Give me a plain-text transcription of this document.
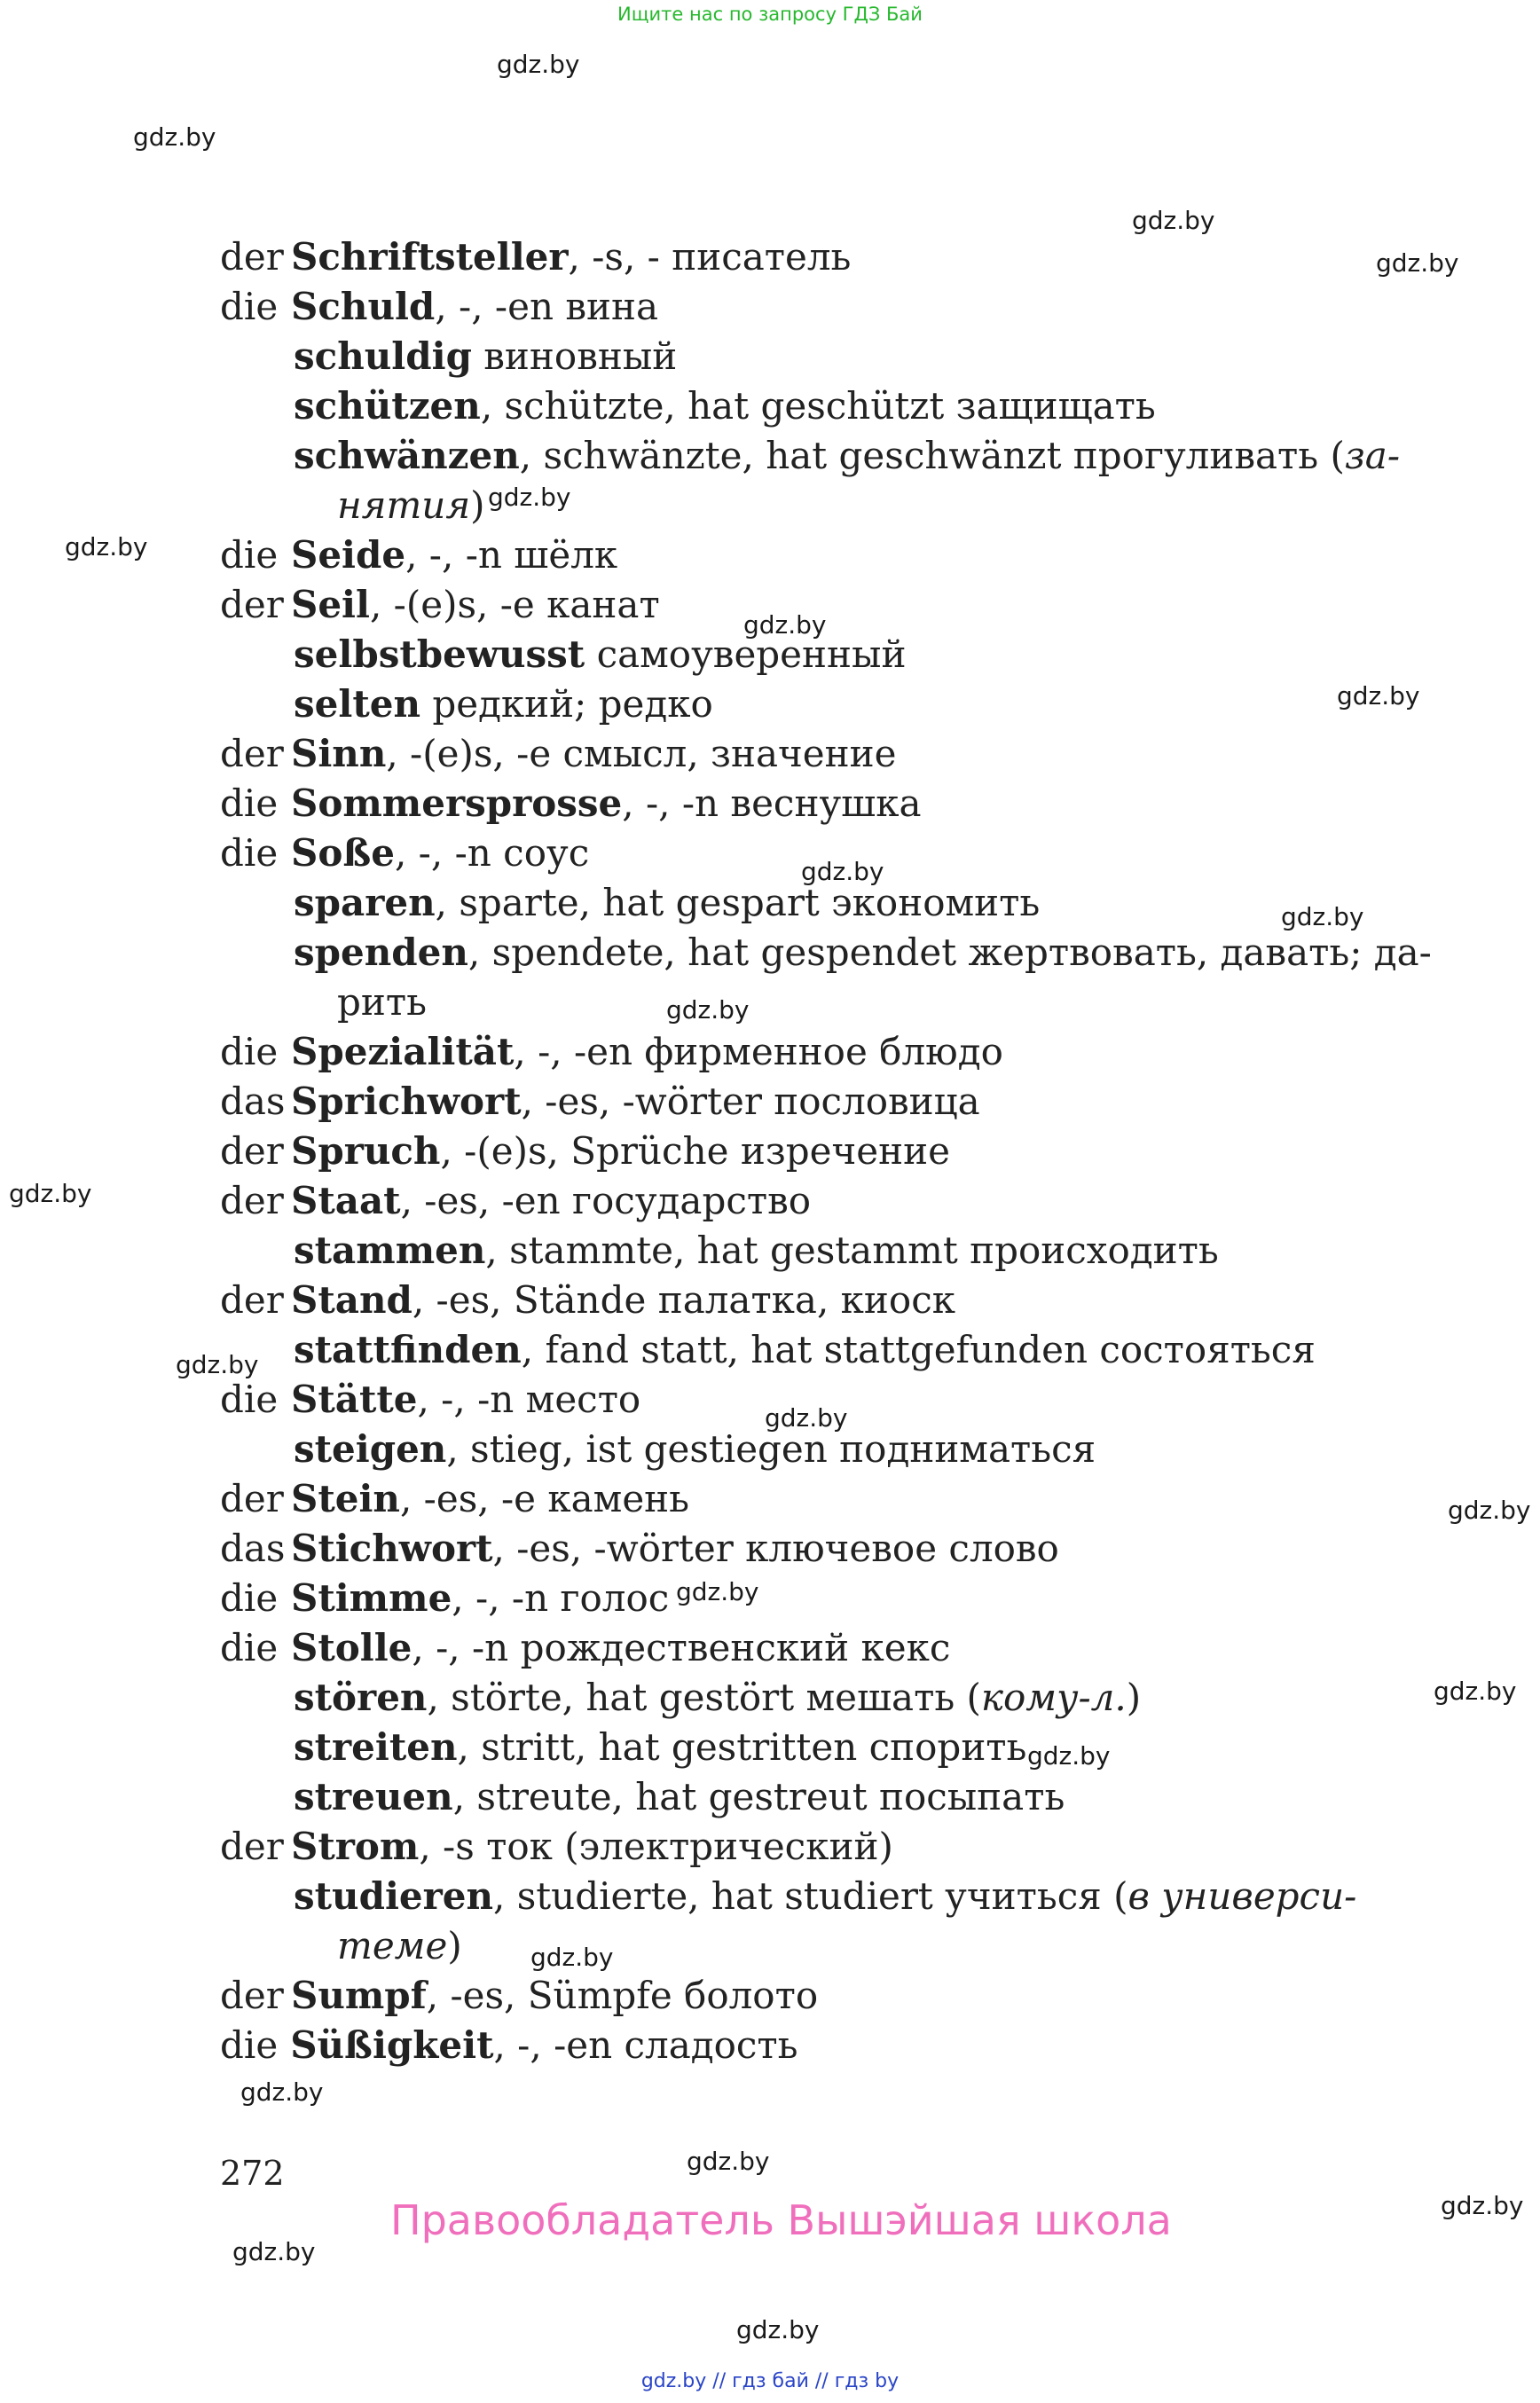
Ищите нас по запросу ГДЗ Бай
gdz.by
gdz.by
gdz.by
gdz.by
gdz.by
gdz.by
gdz.by
gdz.by
gdz.by
gdz.by
gdz.by
gdz.by
gdz.by
gdz.by
gdz.by
gdz.by
gdz.by
gdz.by
gdz.by
gdz.by
gdz.by
gdz.by
gdz.by
gdz.by
der Schriftsteller, -s, - писатель
die Schuld, -, -en вина
schuldig виновный
schützen, schützte, hat geschützt защищать
schwänzen, schwänzte, hat geschwänzt прогуливать (за-
нятия)
die Seide, -, -n шёлк
der Seil, -(e)s, -e канат
selbstbewusst самоуверенный
selten редкий; редко
der Sinn, -(e)s, -e смысл, значение
die Sommersprosse, -, -n веснушка
die Soße, -, -n соус
sparen, sparte, hat gespart экономить
spenden, spendete, hat gespendet жертвовать, давать; да-
рить
die Spezialität, -, -en фирменное блюдо
das Sprichwort, -es, -wörter пословица
der Spruch, -(e)s, Sprüche изречение
der Staat, -es, -en государство
stammen, stammte, hat gestammt происходить
der Stand, -es, Stände палатка, киоск
stattfinden, fand statt, hat stattgefunden состояться
die Stätte, -, -n место
steigen, stieg, ist gestiegen подниматься
der Stein, -es, -e камень
das Stichwort, -es, -wörter ключевое слово
die Stimme, -, -n голос
die Stolle, -, -n рождественский кекс
stören, störte, hat gestört мешать (кому-л.)
streiten, stritt, hat gestritten спорить
streuen, streute, hat gestreut посыпать
der Strom, -s ток (электрический)
studieren, studierte, hat studiert учиться (в универси-
теме)
der Sumpf, -es, Sümpfe болото
die Süßigkeit, -, -en сладость
272
Правообладатель Вышэйшая школа
gdz.by // гдз бай // гдз by
